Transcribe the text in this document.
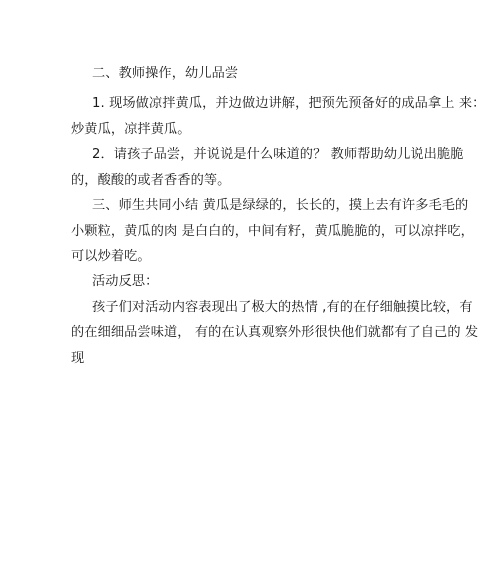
二、教师操作，幼儿品尝
1. 现场做凉拌黄瓜，并边做边讲解，把预先预备好的成品拿上 来：
炒黄瓜，凉拌黄瓜。
2．请孩子品尝，并说说是什么味道的？ 教师帮助幼儿说出脆脆
的，酸酸的或者香香的等。
三、师生共同小结 黄瓜是绿绿的，长长的，摸上去有许多毛毛的
小颗粒，黄瓜的肉 是白白的，中间有籽，黄瓜脆脆的，可以凉拌吃，
可以炒着吃。
活动反思：
孩子们对活动内容表现出了极大的热情 ,有的在仔细触摸比较，有
的在细细品尝味道， 有的在认真观察外形很快他们就都有了自己的 发
现
